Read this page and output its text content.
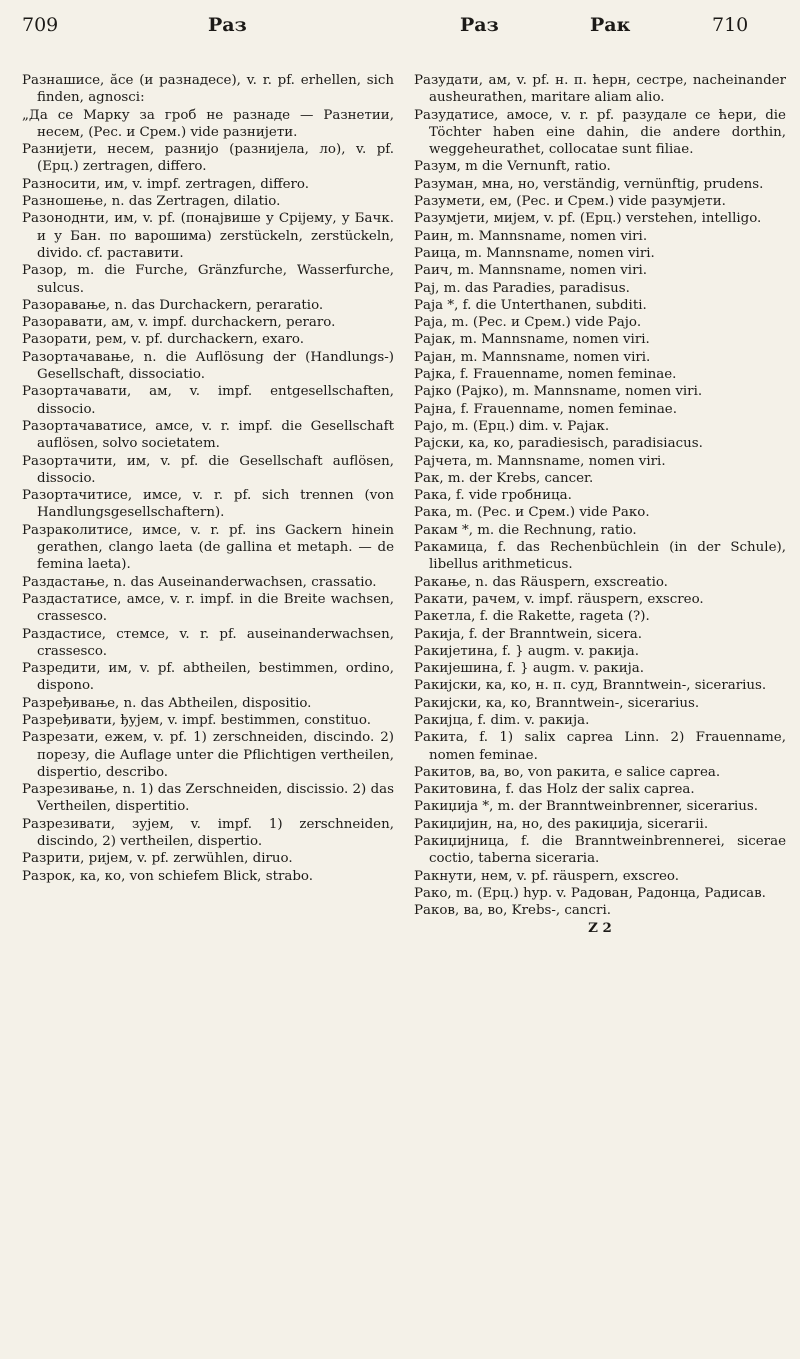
709	Раз	Раз	Рак	710
Разнашисе, ăсе (и разнадесе), v. r. pf. erhellen, sich finden, agnosci:
„Да се Марку за гроб не разнаде — Разнетии, несем, (Рес. и Срем.) vide разнијети.
Разнијети, несем, разнијо (разнијела, ло), v. pf. (Ерц.) zertragen, differo.
Разносити, им, v. impf. zertragen, differo.
Разношење, n. das Zertragen, dilatio.
Разоноднти, им, v. pf. (понајвише у Срijему, у Бачк. и у Бан. по варошима) zerstückeln, zerstückeln, divido. cf. раставити.
Разор, m. die Furche, Gränzfurche, Wasserfurche, sulcus.
Разоравање, n. das Durchackern, peraratio.
Разоравати, ам, v. impf. durchackern, peraro.
Разорати, рем, v. pf. durchackern, exaro.
Разортачавање, n. die Auflösung der (Handlungs-) Gesellschaft, dissociatio.
Разортачавати, ам, v. impf. entgesellschaften, dissocio.
Разортачаватисе, амсе, v. r. impf. die Gesellschaft auflösen, solvo societatem.
Разортачити, им, v. pf. die Gesellschaft auflösen, dissocio.
Разортачитисе, имсе, v. r. pf. sich trennen (von Handlungsgesellschaftern).
Разраколитисе, имсе, v. r. pf. ins Gackern hinein gerathen, clango laeta (de gallina et metaph. — de femina laeta).
Раздастање, n. das Auseinanderwachsen, crassatio.
Раздастатисе, амсе, v. r. impf. in die Breite wachsen, crassesco.
Раздастисе, стемсе, v. r. pf. auseinanderwachsen, crassesco.
Разредити, им, v. pf. abtheilen, bestimmen, ordino, dispono.
Разређивање, n. das Abtheilen, dispositio.
Разређивати, ђујем, v. impf. bestimmen, constituo.
Разрезати, ежем, v. pf. 1) zerschneiden, discindo. 2) порезу, die Auflage unter die Pflichtigen vertheilen, dispertio, describo.
Разрезивање, n. 1) das Zerschneiden, discissio. 2) das Vertheilen, dispertitio.
Разрезивати, зујем, v. impf. 1) zerschneiden, discindo, 2) vertheilen, dispertio.
Разрити, ријем, v. pf. zerwühlen, diruo.
Разрок, ка, ко, von schiefem Blick, strabo.
Разудати, ам, v. pf. н. п. ћерн, сестре, nacheinander ausheurathen, maritare aliam alio.
Разудатисе, амосе, v. r. pf. разудале се ћери, die Töchter haben eine dahin, die andere dorthin, weggeheurathet, collocatae sunt filiae.
Разум, m die Vernunft, ratio.
Разуман, мна, но, verständig, vernünftig, prudens.
Разумети, ем, (Рес. и Срем.) vide разумјети.
Разумјети, мијем, v. pf. (Ерц.) verstehen, intelligo.
Раин, m. Mannsname, nomen viri.
Раица, m. Mannsname, nomen viri.
Раич, m. Mannsname, nomen viri.
Рај, m. das Paradies, paradisus.
Раја *, f. die Unterthanen, subditi.
Раја, m. (Рес. и Срем.) vide Рајо.
Рајак, m. Mannsname, nomen viri.
Рајан, m. Mannsname, nomen viri.
Рајка, f. Frauenname, nomen feminae.
Рајко (Рајко), m. Mannsname, nomen viri.
Рајна, f. Frauenname, nomen feminae.
Рајо, m. (Ерц.) dim. v. Рајак.
Рајски, ка, ко, paradiesisch, paradisiacus.
Рајчета, m. Mannsname, nomen viri.
Рак, m. der Krebs, cancer.
Рака, f. vide гробница.
Рака, m. (Рес. и Срем.) vide Рако.
Ракам *, m. die Rechnung, ratio.
Ракамица, f. das Rechenbüchlein (in der Schule), libellus arithmeticus.
Ракање, n. das Räuspern, exscreatio.
Ракати, рачем, v. impf. räuspern, exscreo.
Ракетла, f. die Rakette, rageta (?).
Ракија, f. der Branntwein, sicera.
Ракијетина, f. } augm. v. ракија.
Ракијешина, f. } augm. v. ракија.
Ракијски, ка, ко, н. п. суд, Branntwein-, sicerarius.
Ракијски, ка, ко, Branntwein-, sicerarius.
Ракијца, f. dim. v. ракија.
Ракита, f. 1) salix caprea Linn. 2) Frauenname, nomen feminae.
Ракитов, ва, во, von ракита, e salice caprea.
Ракитовина, f. das Holz der salix caprea.
Ракиџија *, m. der Branntweinbrenner, sicerarius.
Ракиџијин, на, но, des ракиџија, siceraгii.
Ракиџијница, f. die Branntweinbrennerei, sicerae coctio, taberna siceraria.
Ракнути, нем, v. pf. räuspern, exscreo.
Рако, m. (Ерц.) hyp. v. Радован, Радонца, Радисав.
Раков, ва, во, Krebs-, cancri.
Z 2
